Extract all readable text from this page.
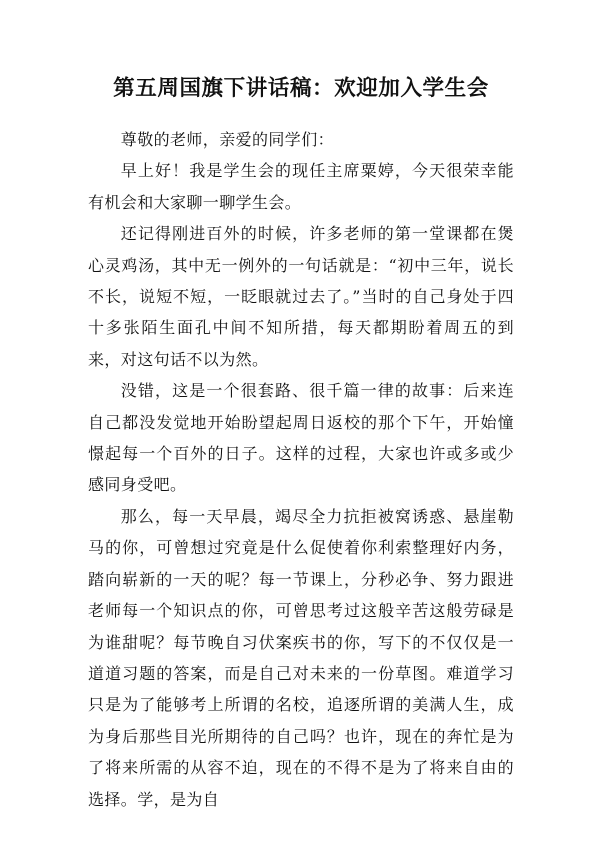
第五周国旗下讲话稿：欢迎加入学生会

尊敬的老师，亲爱的同学们：

早上好！我是学生会的现任主席粟婷，今天很荣幸能有机会和大家聊一聊学生会。

还记得刚进百外的时候，许多老师的第一堂课都在煲心灵鸡汤，其中无一例外的一句话就是：“初中三年，说长不长，说短不短，一眨眼就过去了。”当时的自己身处于四十多张陌生面孔中间不知所措，每天都期盼着周五的到来，对这句话不以为然。

没错，这是一个很套路、很千篇一律的故事：后来连自己都没发觉地开始盼望起周日返校的那个下午，开始憧憬起每一个百外的日子。这样的过程，大家也许或多或少感同身受吧。

那么，每一天早晨，竭尽全力抗拒被窝诱惑、悬崖勒马的你，可曾想过究竟是什么促使着你利索整理好内务，踏向崭新的一天的呢？每一节课上，分秒必争、努力跟进老师每一个知识点的你，可曾思考过这般辛苦这般劳碌是为谁甜呢？每节晚自习伏案疾书的你，写下的不仅仅是一道道习题的答案，而是自己对未来的一份草图。难道学习只是为了能够考上所谓的名校，追逐所谓的美满人生，成为身后那些目光所期待的自己吗？也许，现在的奔忙是为了将来所需的从容不迫，现在的不得不是为了将来自由的选择。学，是为自
